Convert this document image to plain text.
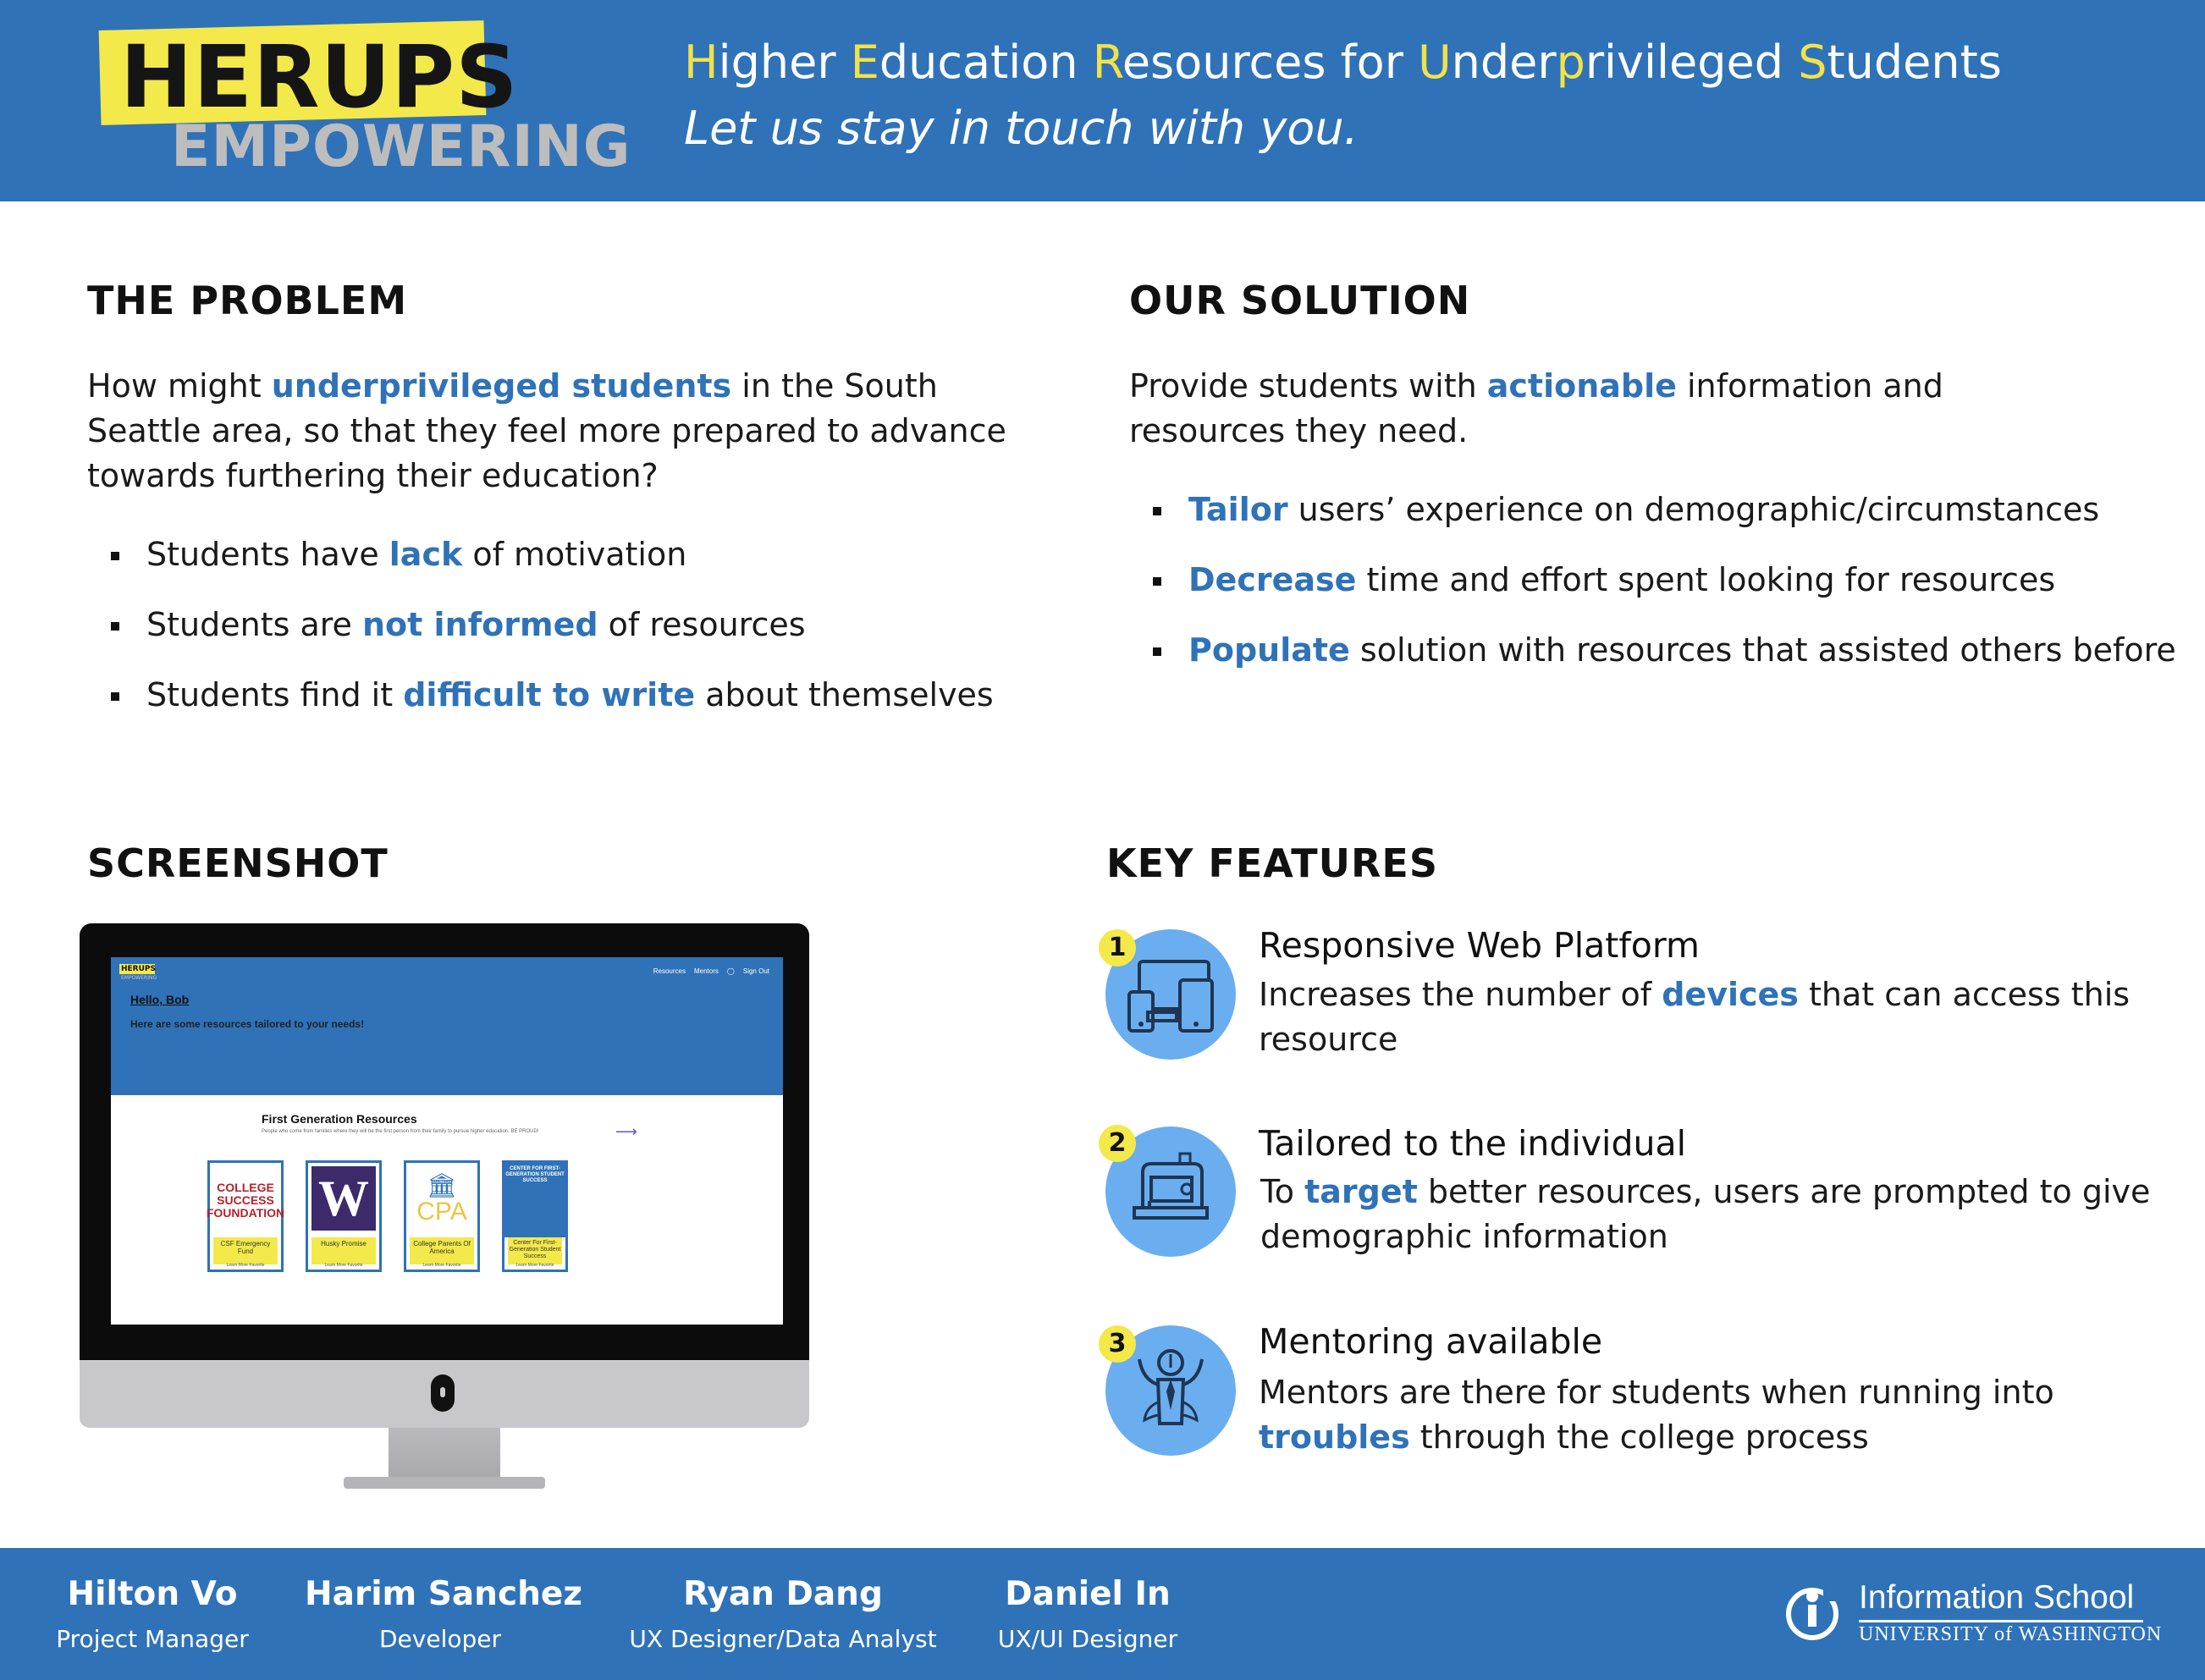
HERUPS
EMPOWERING
Higher Education Resources for Underprivileged Students
Let us stay in touch with you.
THE PROBLEM
How might underprivileged students in the South Seattle area, so that they feel more prepared to advance towards furthering their education?
Students have lack of motivation
Students are not informed of resources
Students find it difficult to write about themselves
OUR SOLUTION
Provide students with actionable information and resources they need.
Tailor users’ experience on demographic/circumstances
Decrease time and effort spent looking for resources
Populate solution with resources that assisted others before
SCREENSHOT
HERUPS
EMPOWERING
Resources Mentors ◯ Sign Out
Hello, Bob
Here are some resources tailored to your needs!
First Generation Resources
People who come from families where they will be the first person from their family to pursue higher education. BE PROUD!	⟶
COLLEGE SUCCESS FOUNDATION
CSF Emergency Fund
Learn More Favorite
W
Husky Promise
Learn More Favorite
🏛
CPA
College Parents Of America
Learn More Favorite
CENTER FOR FIRST-GENERATION STUDENT SUCCESS
Center For First-Generation Student Success
Learn More Favorite
KEY FEATURES
1	Responsive Web Platform
Increases the number of devices that can access this resource
2	Tailored to the individual
To target better resources, users are prompted to give demographic information
3	Mentoring available
Mentors are there for students when running into troubles through the college process
Hilton Vo
Project Manager
Harim Sanchez
Developer
Ryan Dang
UX Designer/Data Analyst
Daniel In
UX/UI Designer
Information School
UNIVERSITY of WASHINGTON
